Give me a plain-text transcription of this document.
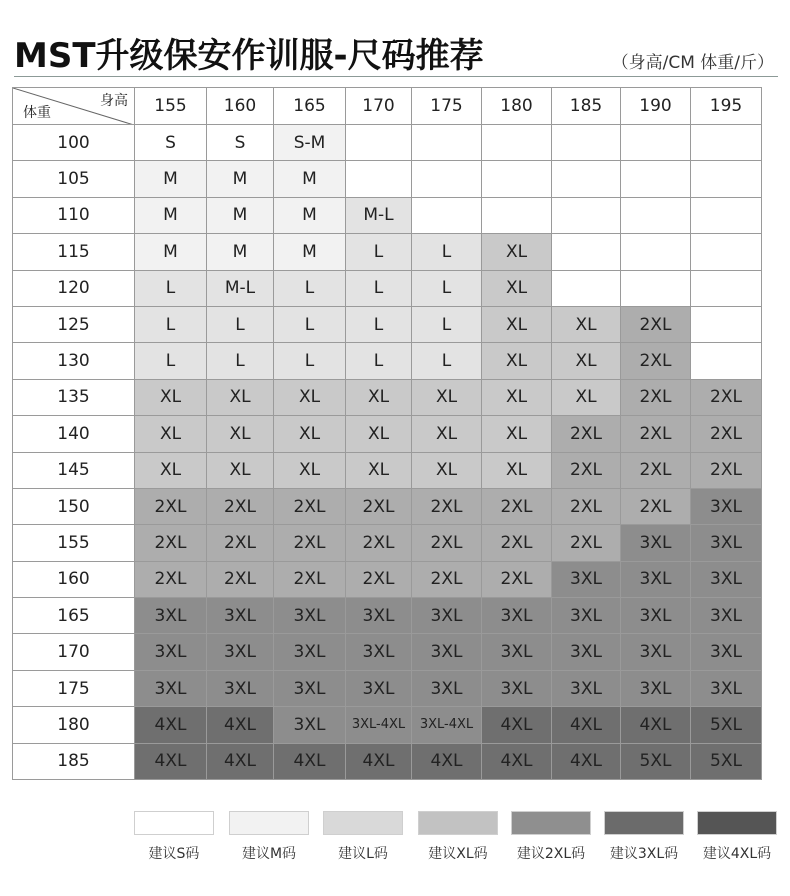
MST升级保安作训服-尺码推荐	（身高/CM 体重/斤）
身高
体重	155	160	165	170	175	180	185	190	195
100	S	S	S-M						
105	M	M	M						
110	M	M	M	M-L					
115	M	M	M	L	L	XL			
120	L	M-L	L	L	L	XL			
125	L	L	L	L	L	XL	XL	2XL	
130	L	L	L	L	L	XL	XL	2XL	
135	XL	XL	XL	XL	XL	XL	XL	2XL	2XL
140	XL	XL	XL	XL	XL	XL	2XL	2XL	2XL
145	XL	XL	XL	XL	XL	XL	2XL	2XL	2XL
150	2XL	2XL	2XL	2XL	2XL	2XL	2XL	2XL	3XL
155	2XL	2XL	2XL	2XL	2XL	2XL	2XL	3XL	3XL
160	2XL	2XL	2XL	2XL	2XL	2XL	3XL	3XL	3XL
165	3XL	3XL	3XL	3XL	3XL	3XL	3XL	3XL	3XL
170	3XL	3XL	3XL	3XL	3XL	3XL	3XL	3XL	3XL
175	3XL	3XL	3XL	3XL	3XL	3XL	3XL	3XL	3XL
180	4XL	4XL	3XL	3XL-4XL	3XL-4XL	4XL	4XL	4XL	5XL
185	4XL	4XL	4XL	4XL	4XL	4XL	4XL	5XL	5XL
建议S码	建议M码	建议L码	建议XL码	建议2XL码	建议3XL码	建议4XL码
